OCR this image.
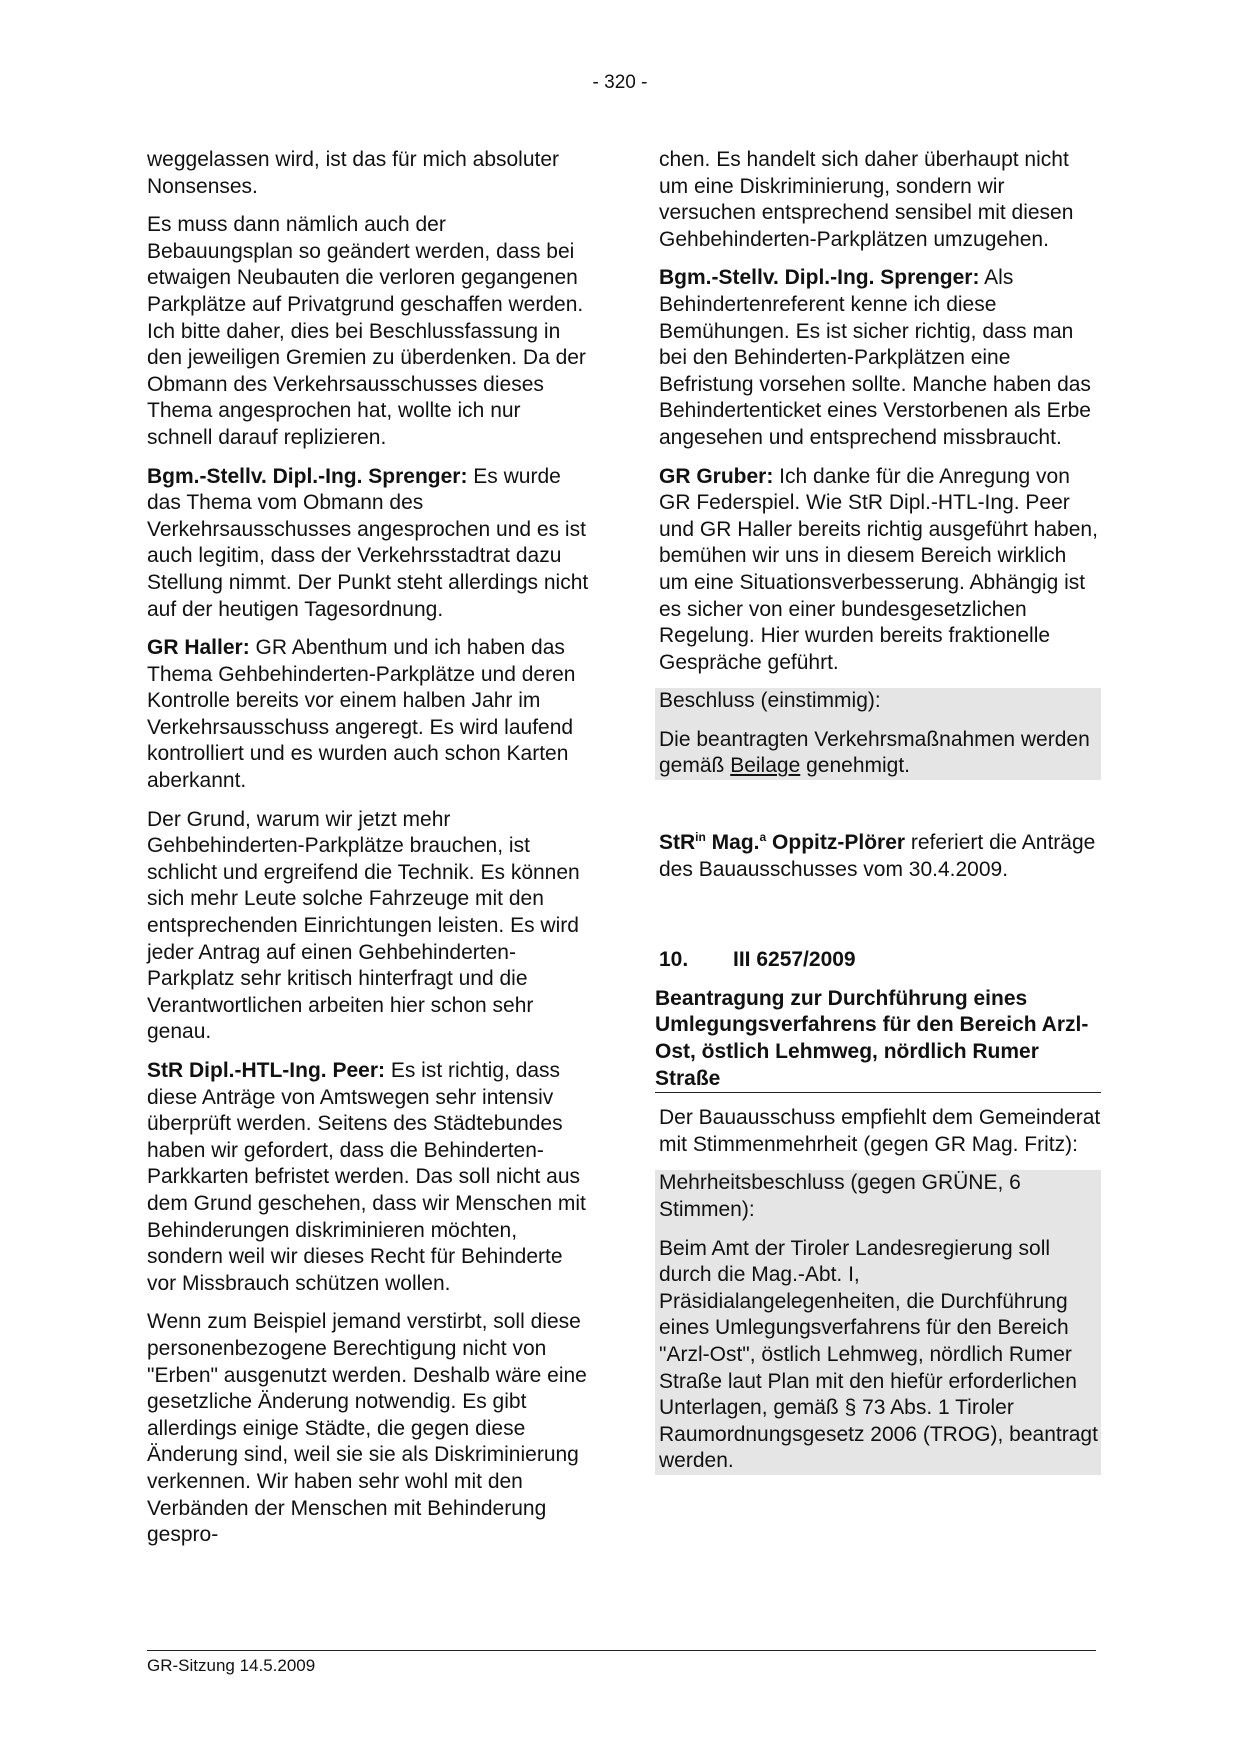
- 320 -

weggelassen wird, ist das für mich absoluter Nonsenses.

Es muss dann nämlich auch der Bebauungsplan so geändert werden, dass bei etwaigen Neubauten die verloren gegangenen Parkplätze auf Privatgrund geschaffen werden. Ich bitte daher, dies bei Beschlussfassung in den jeweiligen Gremien zu überdenken. Da der Obmann des Verkehrsausschusses dieses Thema angesprochen hat, wollte ich nur schnell darauf replizieren.

Bgm.-Stellv. Dipl.-Ing. Sprenger: Es wurde das Thema vom Obmann des Verkehrsausschusses angesprochen und es ist auch legitim, dass der Verkehrsstadtrat dazu Stellung nimmt. Der Punkt steht allerdings nicht auf der heutigen Tagesordnung.

GR Haller: GR Abenthum und ich haben das Thema Gehbehinderten-Parkplätze und deren Kontrolle bereits vor einem halben Jahr im Verkehrsausschuss angeregt. Es wird laufend kontrolliert und es wurden auch schon Karten aberkannt.

Der Grund, warum wir jetzt mehr Gehbehinderten-Parkplätze brauchen, ist schlicht und ergreifend die Technik. Es können sich mehr Leute solche Fahrzeuge mit den entsprechenden Einrichtungen leisten. Es wird jeder Antrag auf einen Gehbehinderten-Parkplatz sehr kritisch hinterfragt und die Verantwortlichen arbeiten hier schon sehr genau.

StR Dipl.-HTL-Ing. Peer: Es ist richtig, dass diese Anträge von Amtswegen sehr intensiv überprüft werden. Seitens des Städtebundes haben wir gefordert, dass die Behinderten-Parkkarten befristet werden. Das soll nicht aus dem Grund geschehen, dass wir Menschen mit Behinderungen diskriminieren möchten, sondern weil wir dieses Recht für Behinderte vor Missbrauch schützen wollen.

Wenn zum Beispiel jemand verstirbt, soll diese personenbezogene Berechtigung nicht von "Erben" ausgenutzt werden. Deshalb wäre eine gesetzliche Änderung notwendig. Es gibt allerdings einige Städte, die gegen diese Änderung sind, weil sie sie als Diskriminierung verkennen. Wir haben sehr wohl mit den Verbänden der Menschen mit Behinderung gespro-

chen. Es handelt sich daher überhaupt nicht um eine Diskriminierung, sondern wir versuchen entsprechend sensibel mit diesen Gehbehinderten-Parkplätzen umzugehen.

Bgm.-Stellv. Dipl.-Ing. Sprenger: Als Behindertenreferent kenne ich diese Bemühungen. Es ist sicher richtig, dass man bei den Behinderten-Parkplätzen eine Befristung vorsehen sollte. Manche haben das Behindertenticket eines Verstorbenen als Erbe angesehen und entsprechend missbraucht.

GR Gruber: Ich danke für die Anregung von GR Federspiel. Wie StR Dipl.-HTL-Ing. Peer und GR Haller bereits richtig ausgeführt haben, bemühen wir uns in diesem Bereich wirklich um eine Situationsverbesserung. Abhängig ist es sicher von einer bundesgesetzlichen Regelung. Hier wurden bereits fraktionelle Gespräche geführt.

Beschluss (einstimmig):

Die beantragten Verkehrsmaßnahmen werden gemäß Beilage genehmigt.

StR$^{in}$ Mag.$^a$ Oppitz-Plörer referiert die Anträge des Bauausschusses vom 30.4.2009.

10.	III 6257/2009

Beantragung zur Durchführung eines Umlegungsverfahrens für den Bereich Arzl-Ost, östlich Lehmweg, nördlich Rumer Straße

Der Bauausschuss empfiehlt dem Gemeinderat mit Stimmenmehrheit (gegen GR Mag. Fritz):

Mehrheitsbeschluss (gegen GRÜNE, 6 Stimmen):

Beim Amt der Tiroler Landesregierung soll durch die Mag.-Abt. I, Präsidialangelegenheiten, die Durchführung eines Umlegungsverfahrens für den Bereich "Arzl-Ost", östlich Lehmweg, nördlich Rumer Straße laut Plan mit den hiefür erforderlichen Unterlagen, gemäß § 73 Abs. 1 Tiroler Raumordnungsgesetz 2006 (TROG), beantragt werden.

GR-Sitzung 14.5.2009
